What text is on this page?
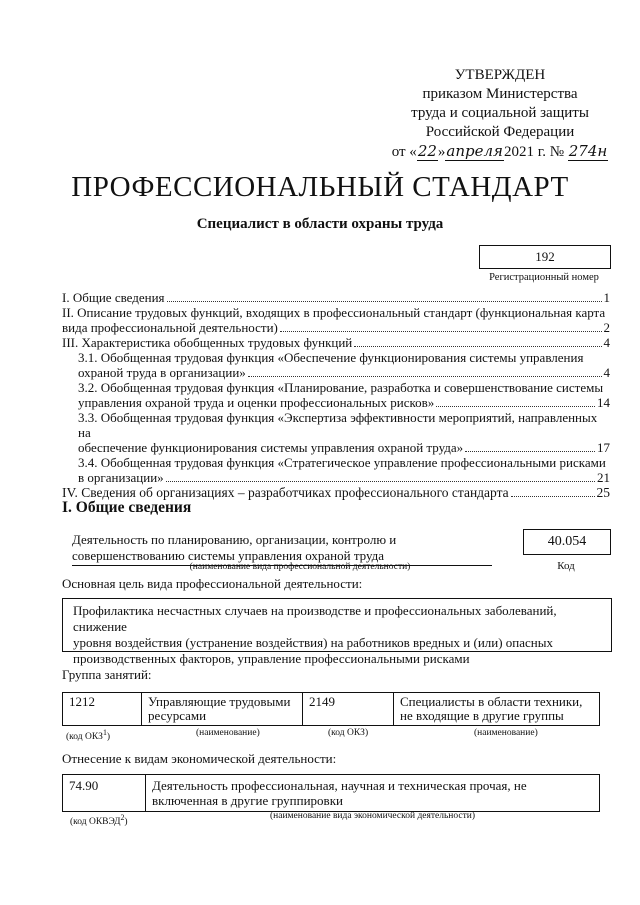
УТВЕРЖДЕН
приказом Министерства
труда и социальной защиты
Российской Федерации
от «22»апреля2021 г. № 274н
ПРОФЕССИОНАЛЬНЫЙ СТАНДАРТ
Специалист в области охраны труда
192
Регистрационный номер
I. Общие сведения	1
II. Описание трудовых функций, входящих в профессиональный стандарт (функциональная карта
вида профессиональной деятельности)	2
III. Характеристика обобщенных трудовых функций	4
3.1. Обобщенная трудовая функция «Обеспечение функционирования системы управления
охраной труда в организации»	4
3.2. Обобщенная трудовая функция «Планирование, разработка и совершенствование системы
управления охраной труда и оценки профессиональных рисков»	14
3.3. Обобщенная трудовая функция «Экспертиза эффективности мероприятий, направленных на
обеспечение функционирования системы управления охраной труда»	17
3.4. Обобщенная трудовая функция «Стратегическое управление профессиональными рисками
в организации»	21
IV. Сведения об организациях – разработчиках профессионального стандарта	25
I. Общие сведения
Деятельность по планированию, организации, контролю и
совершенствованию системы управления охраной труда
(наименование вида профессиональной деятельности)
40.054
Код
Основная цель вида профессиональной деятельности:
Профилактика несчастных случаев на производстве и профессиональных заболеваний, снижение
уровня воздействия (устранение воздействия) на работников вредных и (или) опасных
производственных факторов, управление профессиональными рисками
Группа занятий:
1212	Управляющие трудовыми ресурсами	2149	Специалисты в области техники, не входящие в другие группы
(код ОКЗ$^1$)	(наименование)	(код ОКЗ)	(наименование)
Отнесение к видам экономической деятельности:
74.90	Деятельность профессиональная, научная и техническая прочая, не включенная в другие группировки
(код ОКВЭД$^2$)
(наименование вида экономической деятельности)
